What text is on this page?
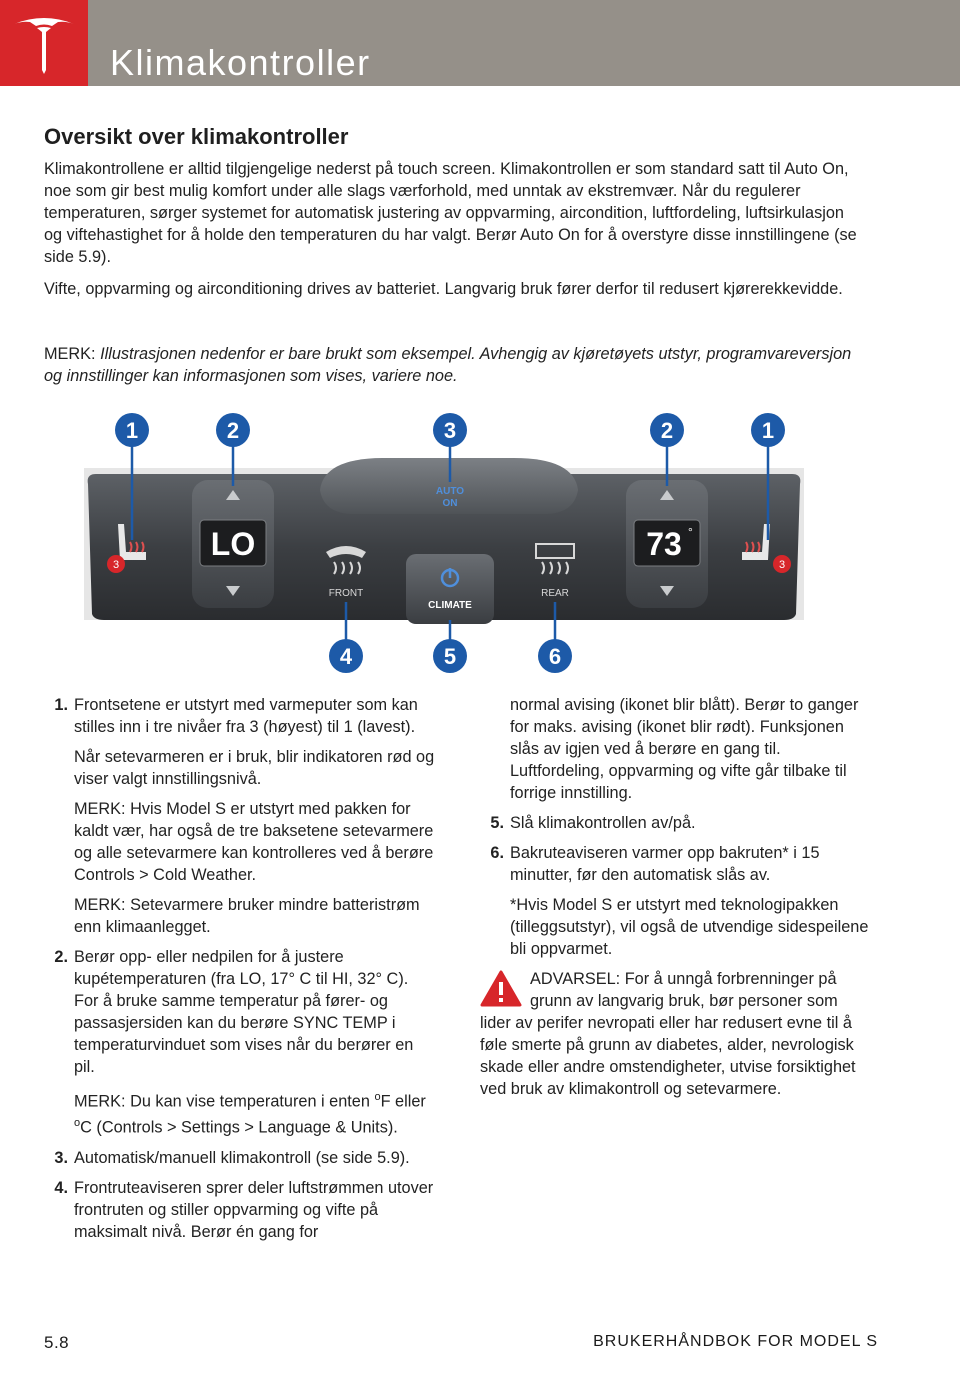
Klimakontroller
Oversikt over klimakontroller

Klimakontrollene er alltid tilgjengelige nederst på touch screen. Klimakontrollen er som standard satt til Auto On, noe som gir best mulig komfort under alle slags værforhold, med unntak av ekstremvær. Når du regulerer temperaturen, sørger systemet for automatisk justering av oppvarming, aircondition, luftfordeling, luftsirkulasjon og viftehastighet for å holde den temperaturen du har valgt. Berør Auto On for å overstyre disse innstillingene (se side 5.9).

Vifte, oppvarming og airconditioning drives av batteriet. Langvarig bruk fører derfor til redusert kjørerekkevidde.

MERK: Illustrasjonen nedenfor er bare brukt som eksempel. Avhengig av kjøretøyets utstyr, programvareversjon og innstillinger kan informasjonen som vises, variere noe.

AUTO
ON
LO	73 °
CLIMATE
FRONT	REAR
3	3
1	2	3	2	1
4	5	6
1. Frontsetene er utstyrt med varmeputer som kan stilles inn i tre nivåer fra 3 (høyest) til 1 (lavest).

Når setevarmeren er i bruk, blir indikatoren rød og viser valgt innstillingsnivå.

MERK: Hvis Model S er utstyrt med pakken for kaldt vær, har også de tre baksetene setevarmere og alle setevarmere kan kontrolleres ved å berøre Controls > Cold Weather.

MERK: Setevarmere bruker mindre batteristrøm enn klimaanlegget.

2. Berør opp- eller nedpilen for å justere kupétemperaturen (fra LO, 17° C til HI, 32° C). For å bruke samme temperatur på fører- og passasjersiden kan du berøre SYNC TEMP i temperaturvinduet som vises når du berører en pil.

MERK: Du kan vise temperaturen i enten $^o$F eller $^o$C (Controls > Settings > Language & Units).

3. Automatisk/manuell klimakontroll (se side 5.9).

4. Frontruteaviseren sprer deler luftstrømmen utover frontruten og stiller oppvarming og vifte på maksimalt nivå. Berør én gang for

normal avising (ikonet blir blått). Berør to ganger for maks. avising (ikonet blir rødt). Funksjonen slås av igjen ved å berøre en gang til. Luftfordeling, oppvarming og vifte går tilbake til forrige innstilling.

5. Slå klimakontrollen av/på.

6. Bakruteaviseren varmer opp bakruten* i 15 minutter, før den automatisk slås av.

*Hvis Model S er utstyrt med teknologipakken (tilleggsutstyr), vil også de utvendige sidespeilene bli oppvarmet.

ADVARSEL: For å unngå forbrenninger på grunn av langvarig bruk, bør personer som lider av perifer nevropati eller har redusert evne til å føle smerte på grunn av diabetes, alder, nevrologisk skade eller andre omstendigheter, utvise forsiktighet ved bruk av klimakontroll og setevarmere.

5.8	BRUKERHÅNDBOK FOR MODEL S
